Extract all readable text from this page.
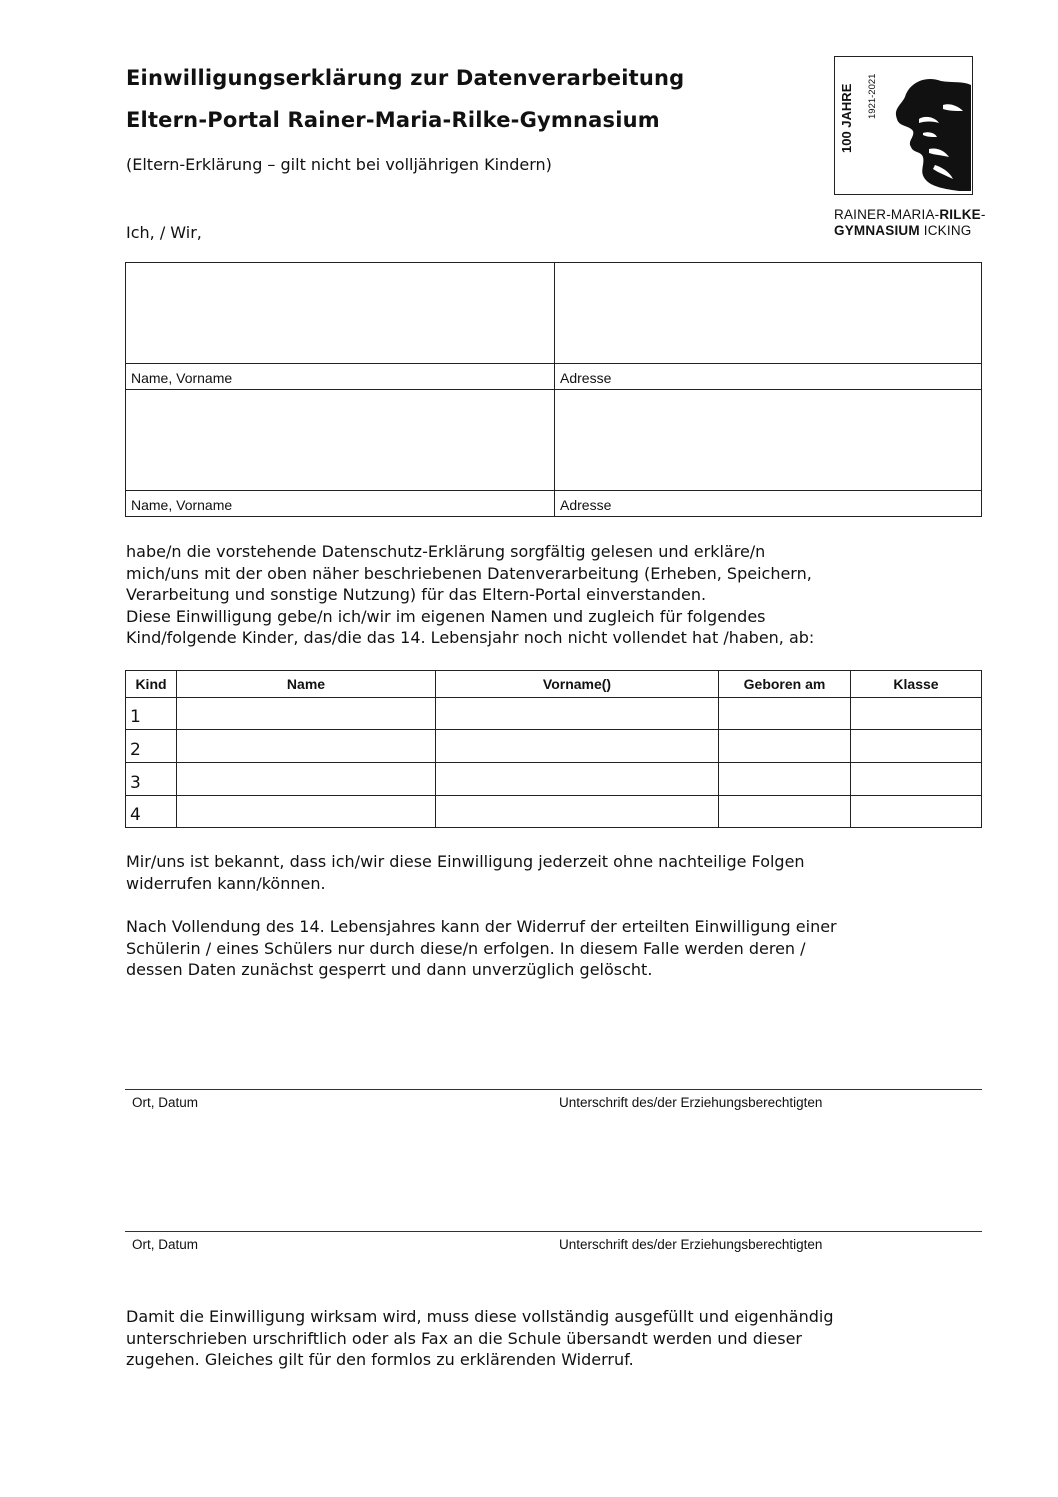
Einwilligungserklärung zur Datenverarbeitung
Eltern-Portal Rainer-Maria-Rilke-Gymnasium
(Eltern-Erklärung – gilt nicht bei volljährigen Kindern)
100 JAHRE 1921-2021
RAINER-MARIA-RILKE-
GYMNASIUM ICKING
Ich, / Wir,

Name, Vorname	Adresse

Name, Vorname	Adresse
habe/n die vorstehende Datenschutz-Erklärung sorgfältig gelesen und erkläre/n
mich/uns mit der oben näher beschriebenen Datenverarbeitung (Erheben, Speichern,
Verarbeitung und sonstige Nutzung) für das Eltern-Portal einverstanden.
Diese Einwilligung gebe/n ich/wir im eigenen Namen und zugleich für folgendes
Kind/folgende Kinder, das/die das 14. Lebensjahr noch nicht vollendet hat /haben, ab:
Kind	Name	Vorname()	Geboren am	Klasse
1				
2				
3				
4				
Mir/uns ist bekannt, dass ich/wir diese Einwilligung jederzeit ohne nachteilige Folgen
widerrufen kann/können.
Nach Vollendung des 14. Lebensjahres kann der Widerruf der erteilten Einwilligung einer
Schülerin / eines Schülers nur durch diese/n erfolgen. In diesem Falle werden deren /
dessen Daten zunächst gesperrt und dann unverzüglich gelöscht.
Ort, Datum	Unterschrift des/der Erziehungsberechtigten
Ort, Datum	Unterschrift des/der Erziehungsberechtigten
Damit die Einwilligung wirksam wird, muss diese vollständig ausgefüllt und eigenhändig
unterschrieben urschriftlich oder als Fax an die Schule übersandt werden und dieser
zugehen. Gleiches gilt für den formlos zu erklärenden Widerruf.
